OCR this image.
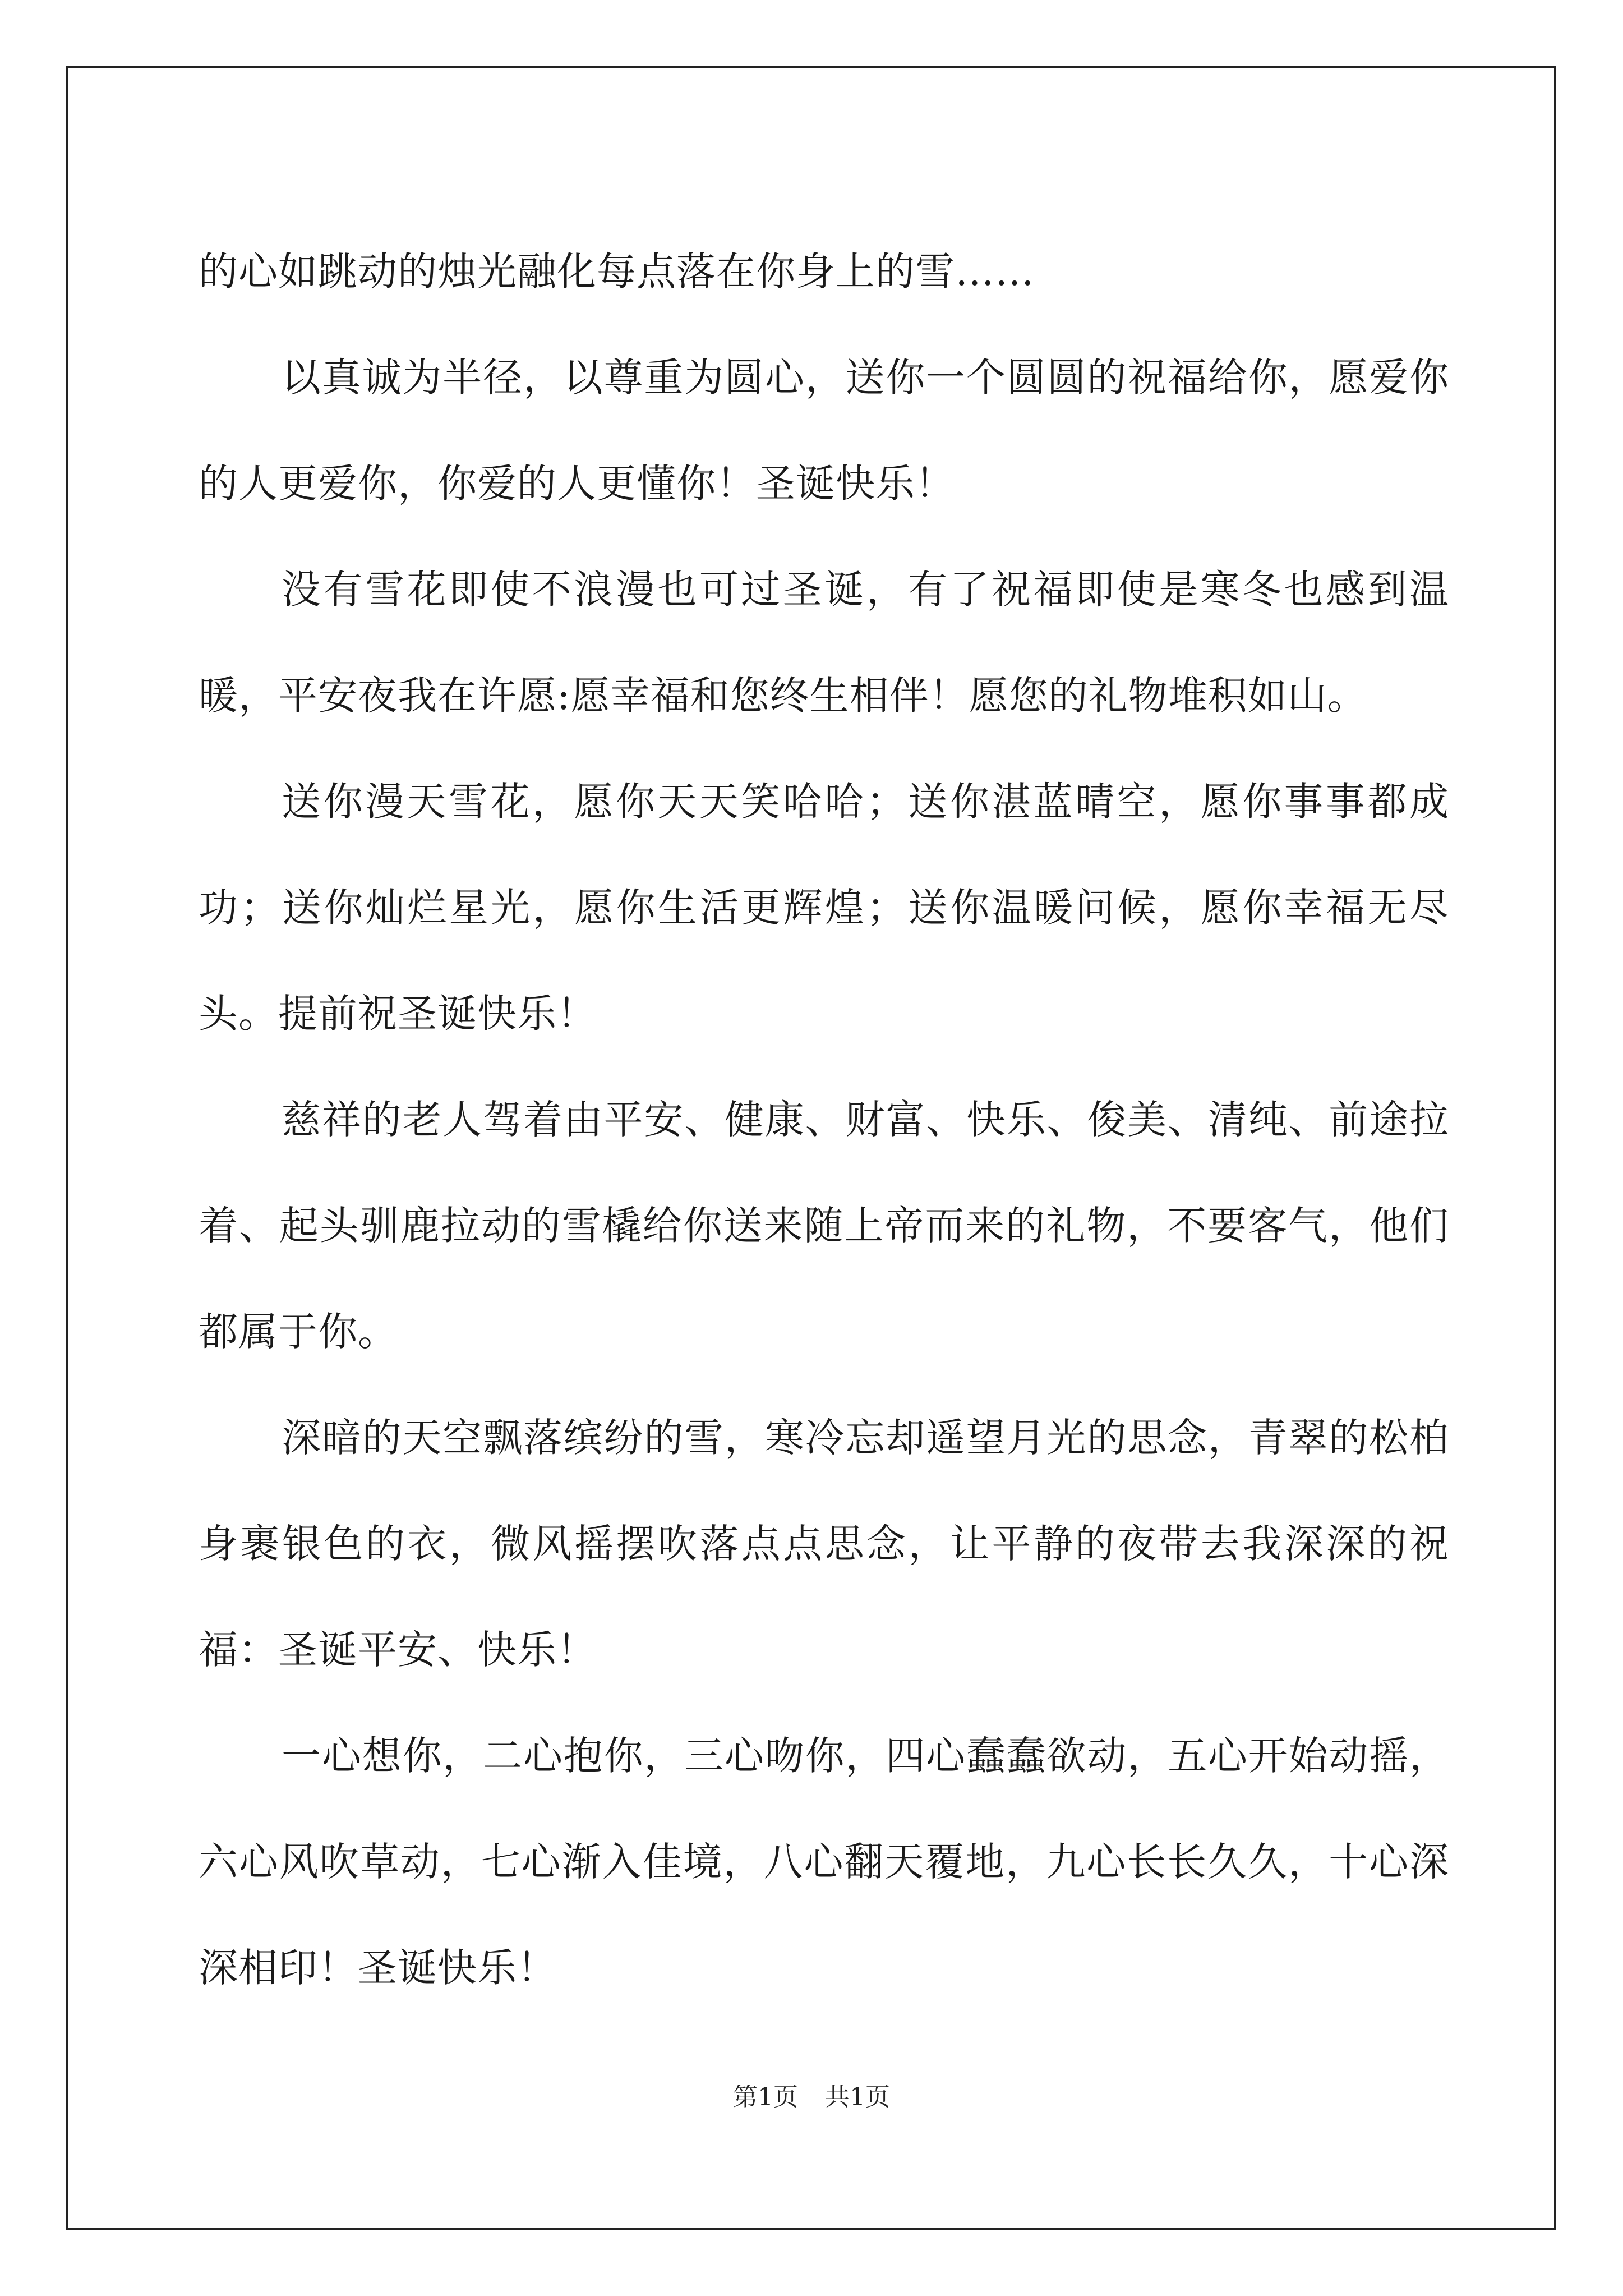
的心如跳动的烛光融化每点落在你身上的雪……

以真诚为半径，以尊重为圆心，送你一个圆圆的祝福给你，愿爱你的人更爱你，你爱的人更懂你！圣诞快乐！

没有雪花即使不浪漫也可过圣诞，有了祝福即使是寒冬也感到温暖，平安夜我在许愿:愿幸福和您终生相伴！愿您的礼物堆积如山。

送你漫天雪花，愿你天天笑哈哈；送你湛蓝晴空，愿你事事都成功；送你灿烂星光，愿你生活更辉煌；送你温暖问候，愿你幸福无尽头。提前祝圣诞快乐！

慈祥的老人驾着由平安、健康、财富、快乐、俊美、清纯、前途拉着、起头驯鹿拉动的雪橇给你送来随上帝而来的礼物，不要客气，他们都属于你。

深暗的天空飘落缤纷的雪，寒冷忘却遥望月光的思念，青翠的松柏身裹银色的衣，微风摇摆吹落点点思念，让平静的夜带去我深深的祝福：圣诞平安、快乐！

一心想你，二心抱你，三心吻你，四心蠢蠢欲动，五心开始动摇，六心风吹草动，七心渐入佳境，八心翻天覆地，九心长长久久，十心深深相印！圣诞快乐！

第1页 共1页
